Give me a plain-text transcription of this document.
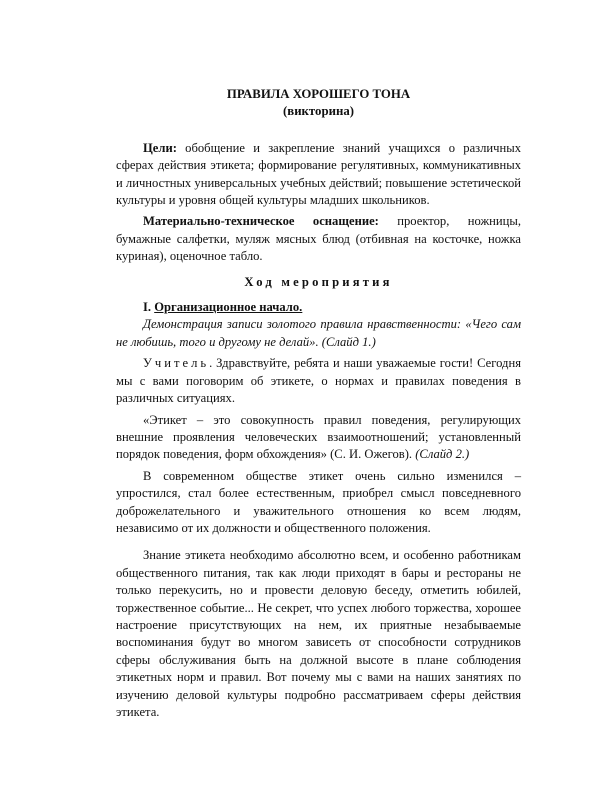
ПРАВИЛА ХОРОШЕГО ТОНА
(викторина)

Цели: обобщение и закрепление знаний учащихся о различных сферах действия этикета; формирование регулятивных, коммуникативных и личностных универсальных учебных действий; повышение эстетической культуры и уровня общей культуры младших школьников.

Материально-техническое оснащение: проектор, ножницы, бумажные салфетки, муляж мясных блюд (отбивная на косточке, ножка куриная), оценочное табло.

Ход мероприятия

I. Организационное начало.

Демонстрация записи золотого правила нравственности: «Чего сам не любишь, того и другому не делай». (Слайд 1.)

Учитель. Здравствуйте, ребята и наши уважаемые гости! Сегодня мы с вами поговорим об этикете, о нормах и правилах поведения в различных ситуациях.

«Этикет – это совокупность правил поведения, регулирующих внешние проявления человеческих взаимоотношений; установленный порядок поведения, форм обхождения» (С. И. Ожегов). (Слайд 2.)

В современном обществе этикет очень сильно изменился – упростился, стал более естественным, приобрел смысл повседневного доброжелательного и уважительного отношения ко всем людям, независимо от их должности и общественного положения.

Знание этикета необходимо абсолютно всем, и особенно работникам общественного питания, так как люди приходят в бары и рестораны не только перекусить, но и провести деловую беседу, отметить юбилей, торжественное событие... Не секрет, что успех любого торжества, хорошее настроение присутствующих на нем, их приятные незабываемые воспоминания будут во многом зависеть от способности сотрудников сферы обслуживания быть на должной высоте в плане соблюдения этикетных норм и правил. Вот почему мы с вами на наших занятиях по изучению деловой культуры подробно рассматриваем сферы действия этикета.
